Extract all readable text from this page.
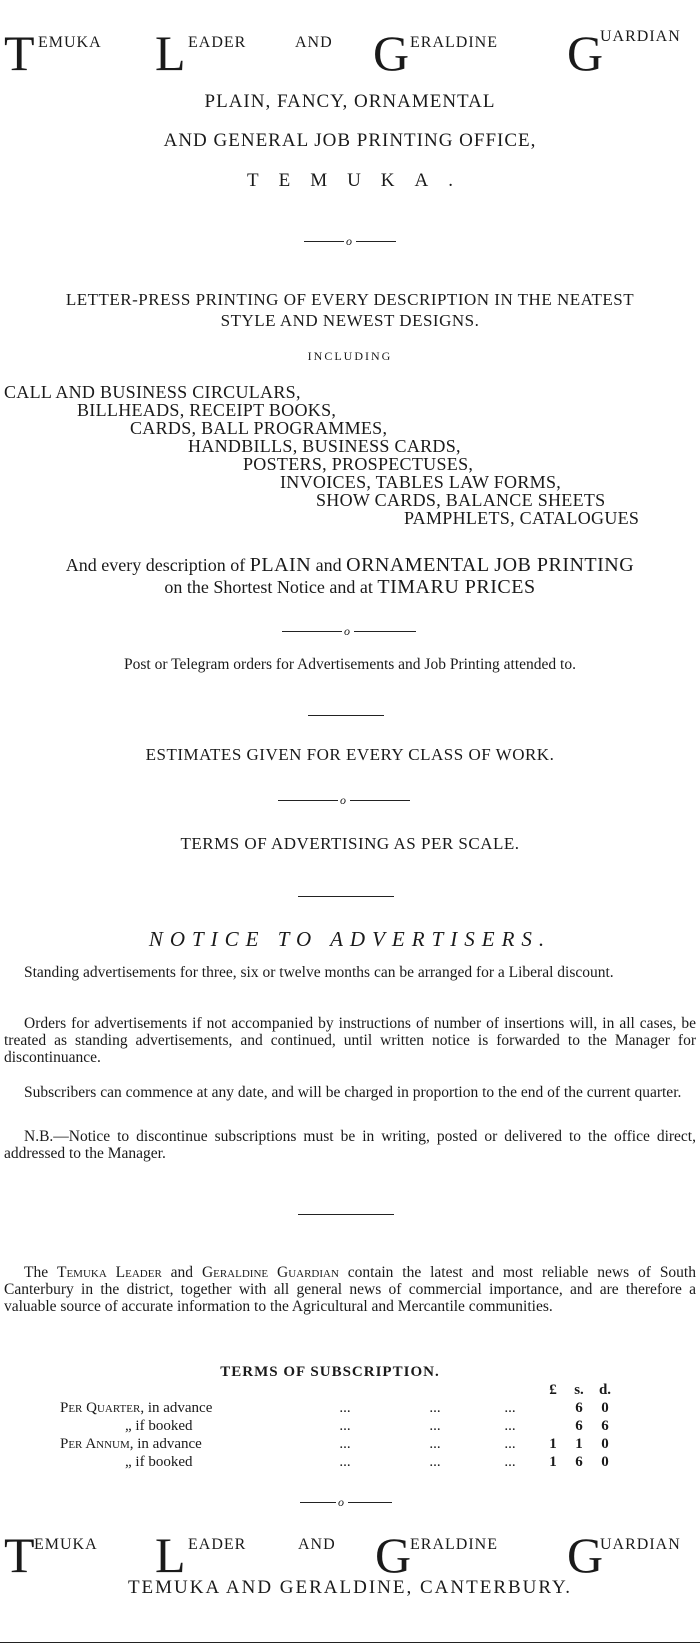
T EMUKA L EADER	AND G ERALDINE G
UARDIAN
PLAIN, FANCY, ORNAMENTAL
AND GENERAL JOB PRINTING OFFICE,
TEMUKA.
o
LETTER-PRESS PRINTING OF EVERY DESCRIPTION IN THE NEATEST
STYLE AND NEWEST DESIGNS.
INCLUDING
CALL AND BUSINESS CIRCULARS,
BILLHEADS, RECEIPT BOOKS,
CARDS, BALL PROGRAMMES,
HANDBILLS, BUSINESS CARDS,
POSTERS, PROSPECTUSES,
INVOICES, TABLES LAW FORMS,
SHOW CARDS, BALANCE SHEETS
PAMPHLETS, CATALOGUES
And every description of PLAIN and ORNAMENTAL JOB PRINTING
on the Shortest Notice and at TIMARU PRICES
o
Post or Telegram orders for Advertisements and Job Printing attended to.
ESTIMATES GIVEN FOR EVERY CLASS OF WORK.
o
TERMS OF ADVERTISING AS PER SCALE.
NOTICE TO ADVERTISERS.
Standing advertisements for three, six or twelve months can be arranged for a Liberal discount.
Orders for advertisements if not accompanied by instructions of number of insertions will, in all cases, be treated as standing advertisements, and continued, until written notice is forwarded to the Manager for discontinuance.
Subscribers can commence at any date, and will be charged in proportion to the end of the current quarter.
N.B.—Notice to discontinue subscriptions must be in writing, posted or delivered to the office direct, addressed to the Manager.
The Temuka Leader and Geraldine Guardian contain the latest and most reliable news of South Canterbury in the district, together with all general news of commercial importance, and are therefore a valuable source of accurate information to the Agricultural and Mercantile communities.
TERMS OF SUBSCRIPTION.
				£	s.	d.
Per Quarter, in advance	...	...	...		6	0
„ if booked	...	...	...		6	6
Per Annum, in advance	...	...	...	1	1	0
„ if booked	...	...	...	1	6	0
o
T EMUKA L EADER	AND G
ERALDINE G
UARDIAN
TEMUKA AND GERALDINE, CANTERBURY.
